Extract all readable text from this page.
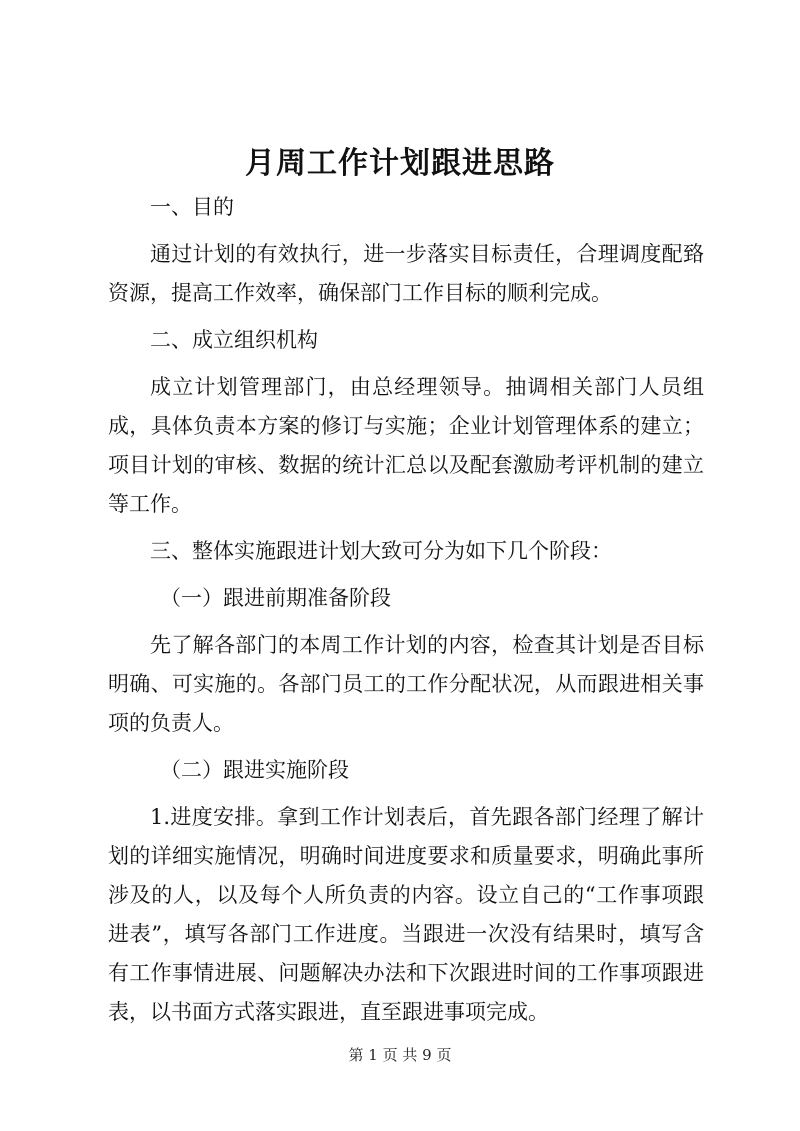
月周工作计划跟进思路

一、目的

通过计划的有效执行，进一步落实目标责任，合理调度配臵资源，提高工作效率，确保部门工作目标的顺利完成。

二、成立组织机构

成立计划管理部门，由总经理领导。抽调相关部门人员组成，具体负责本方案的修订与实施；企业计划管理体系的建立；项目计划的审核、数据的统计汇总以及配套激励考评机制的建立等工作。

三、整体实施跟进计划大致可分为如下几个阶段：

（一）跟进前期准备阶段

先了解各部门的本周工作计划的内容，检查其计划是否目标明确、可实施的。各部门员工的工作分配状况，从而跟进相关事项的负责人。

（二）跟进实施阶段

1.进度安排。拿到工作计划表后，首先跟各部门经理了解计划的详细实施情况，明确时间进度要求和质量要求，明确此事所涉及的人，以及每个人所负责的内容。设立自己的“工作事项跟进表”，填写各部门工作进度。当跟进一次没有结果时，填写含有工作事情进展、问题解决办法和下次跟进时间的工作事项跟进表，以书面方式落实跟进，直至跟进事项完成。

第 1 页 共 9 页
